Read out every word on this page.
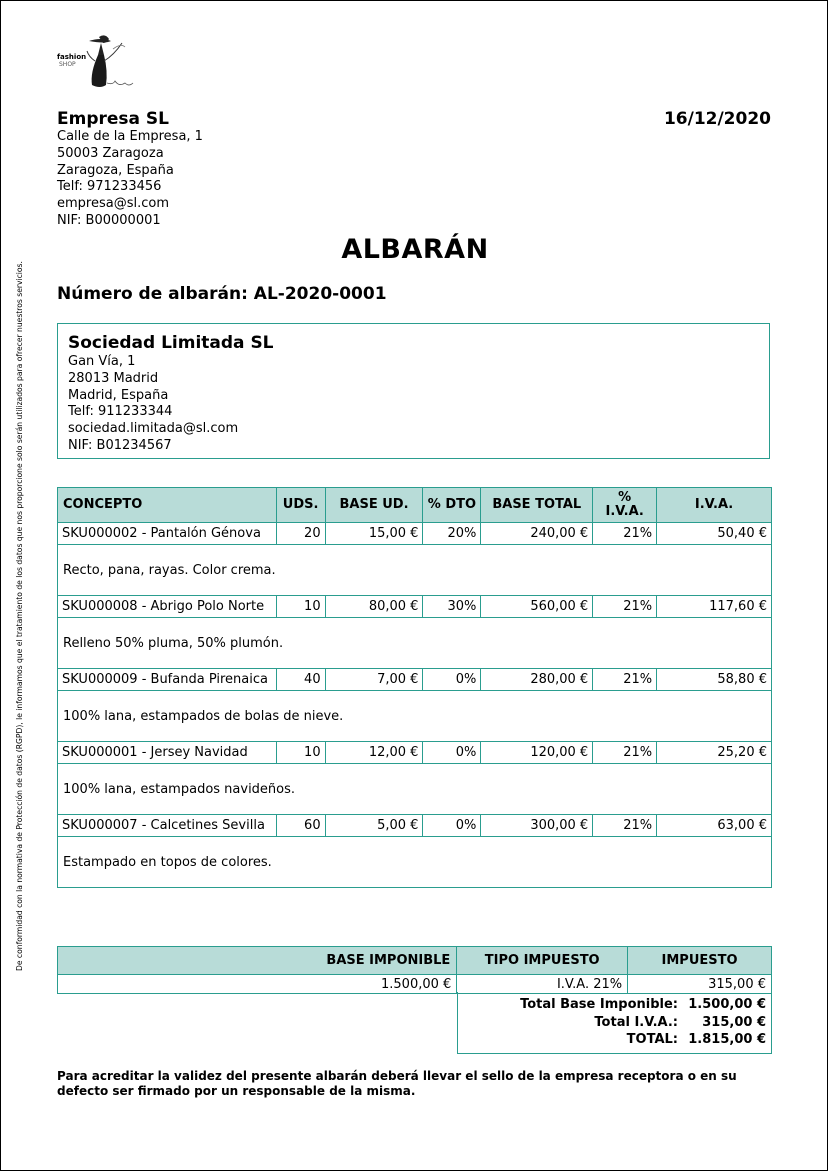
De conformidad con la normativa de Protección de datos (RGPD), le informamos que el tratamiento de los datos que nos proporcione solo serán utilizados para ofrecer nuestros servicios.
fashion
SHOP
Empresa SL
Calle de la Empresa, 1
50003 Zaragoza
Zaragoza, España
Telf: 971233456
empresa@sl.com
NIF: B00000001
16/12/2020
ALBARÁN
Número de albarán: AL-2020-0001
Sociedad Limitada SL
Gan Vía, 1
28013 Madrid
Madrid, España
Telf: 911233344
sociedad.limitada@sl.com
NIF: B01234567
CONCEPTO	UDS.	BASE UD.	% DTO	BASE TOTAL	%
I.V.A.	I.V.A.
SKU000002 - Pantalón Génova	20	15,00 €	20%	240,00 €	21%	50,40 €
Recto, pana, rayas. Color crema.						
SKU000008 - Abrigo Polo Norte	10	80,00 €	30%	560,00 €	21%	117,60 €
Relleno 50% pluma, 50% plumón.						
SKU000009 - Bufanda Pirenaica	40	7,00 €	0%	280,00 €	21%	58,80 €
100% lana, estampados de bolas de nieve.						
SKU000001 - Jersey Navidad	10	12,00 €	0%	120,00 €	21%	25,20 €
100% lana, estampados navideños.						
SKU000007 - Calcetines Sevilla	60	5,00 €	0%	300,00 €	21%	63,00 €
Estampado en topos de colores.						
BASE IMPONIBLE	TIPO IMPUESTO	IMPUESTO
1.500,00 €	I.V.A. 21%	315,00 €
Total Base Imponible: 1.500,00 €
Total I.V.A.:	315,00 €
TOTAL: 1.815,00 €
Para acreditar la validez del presente albarán deberá llevar el sello de la empresa receptora o en su defecto ser firmado por un responsable de la misma.
